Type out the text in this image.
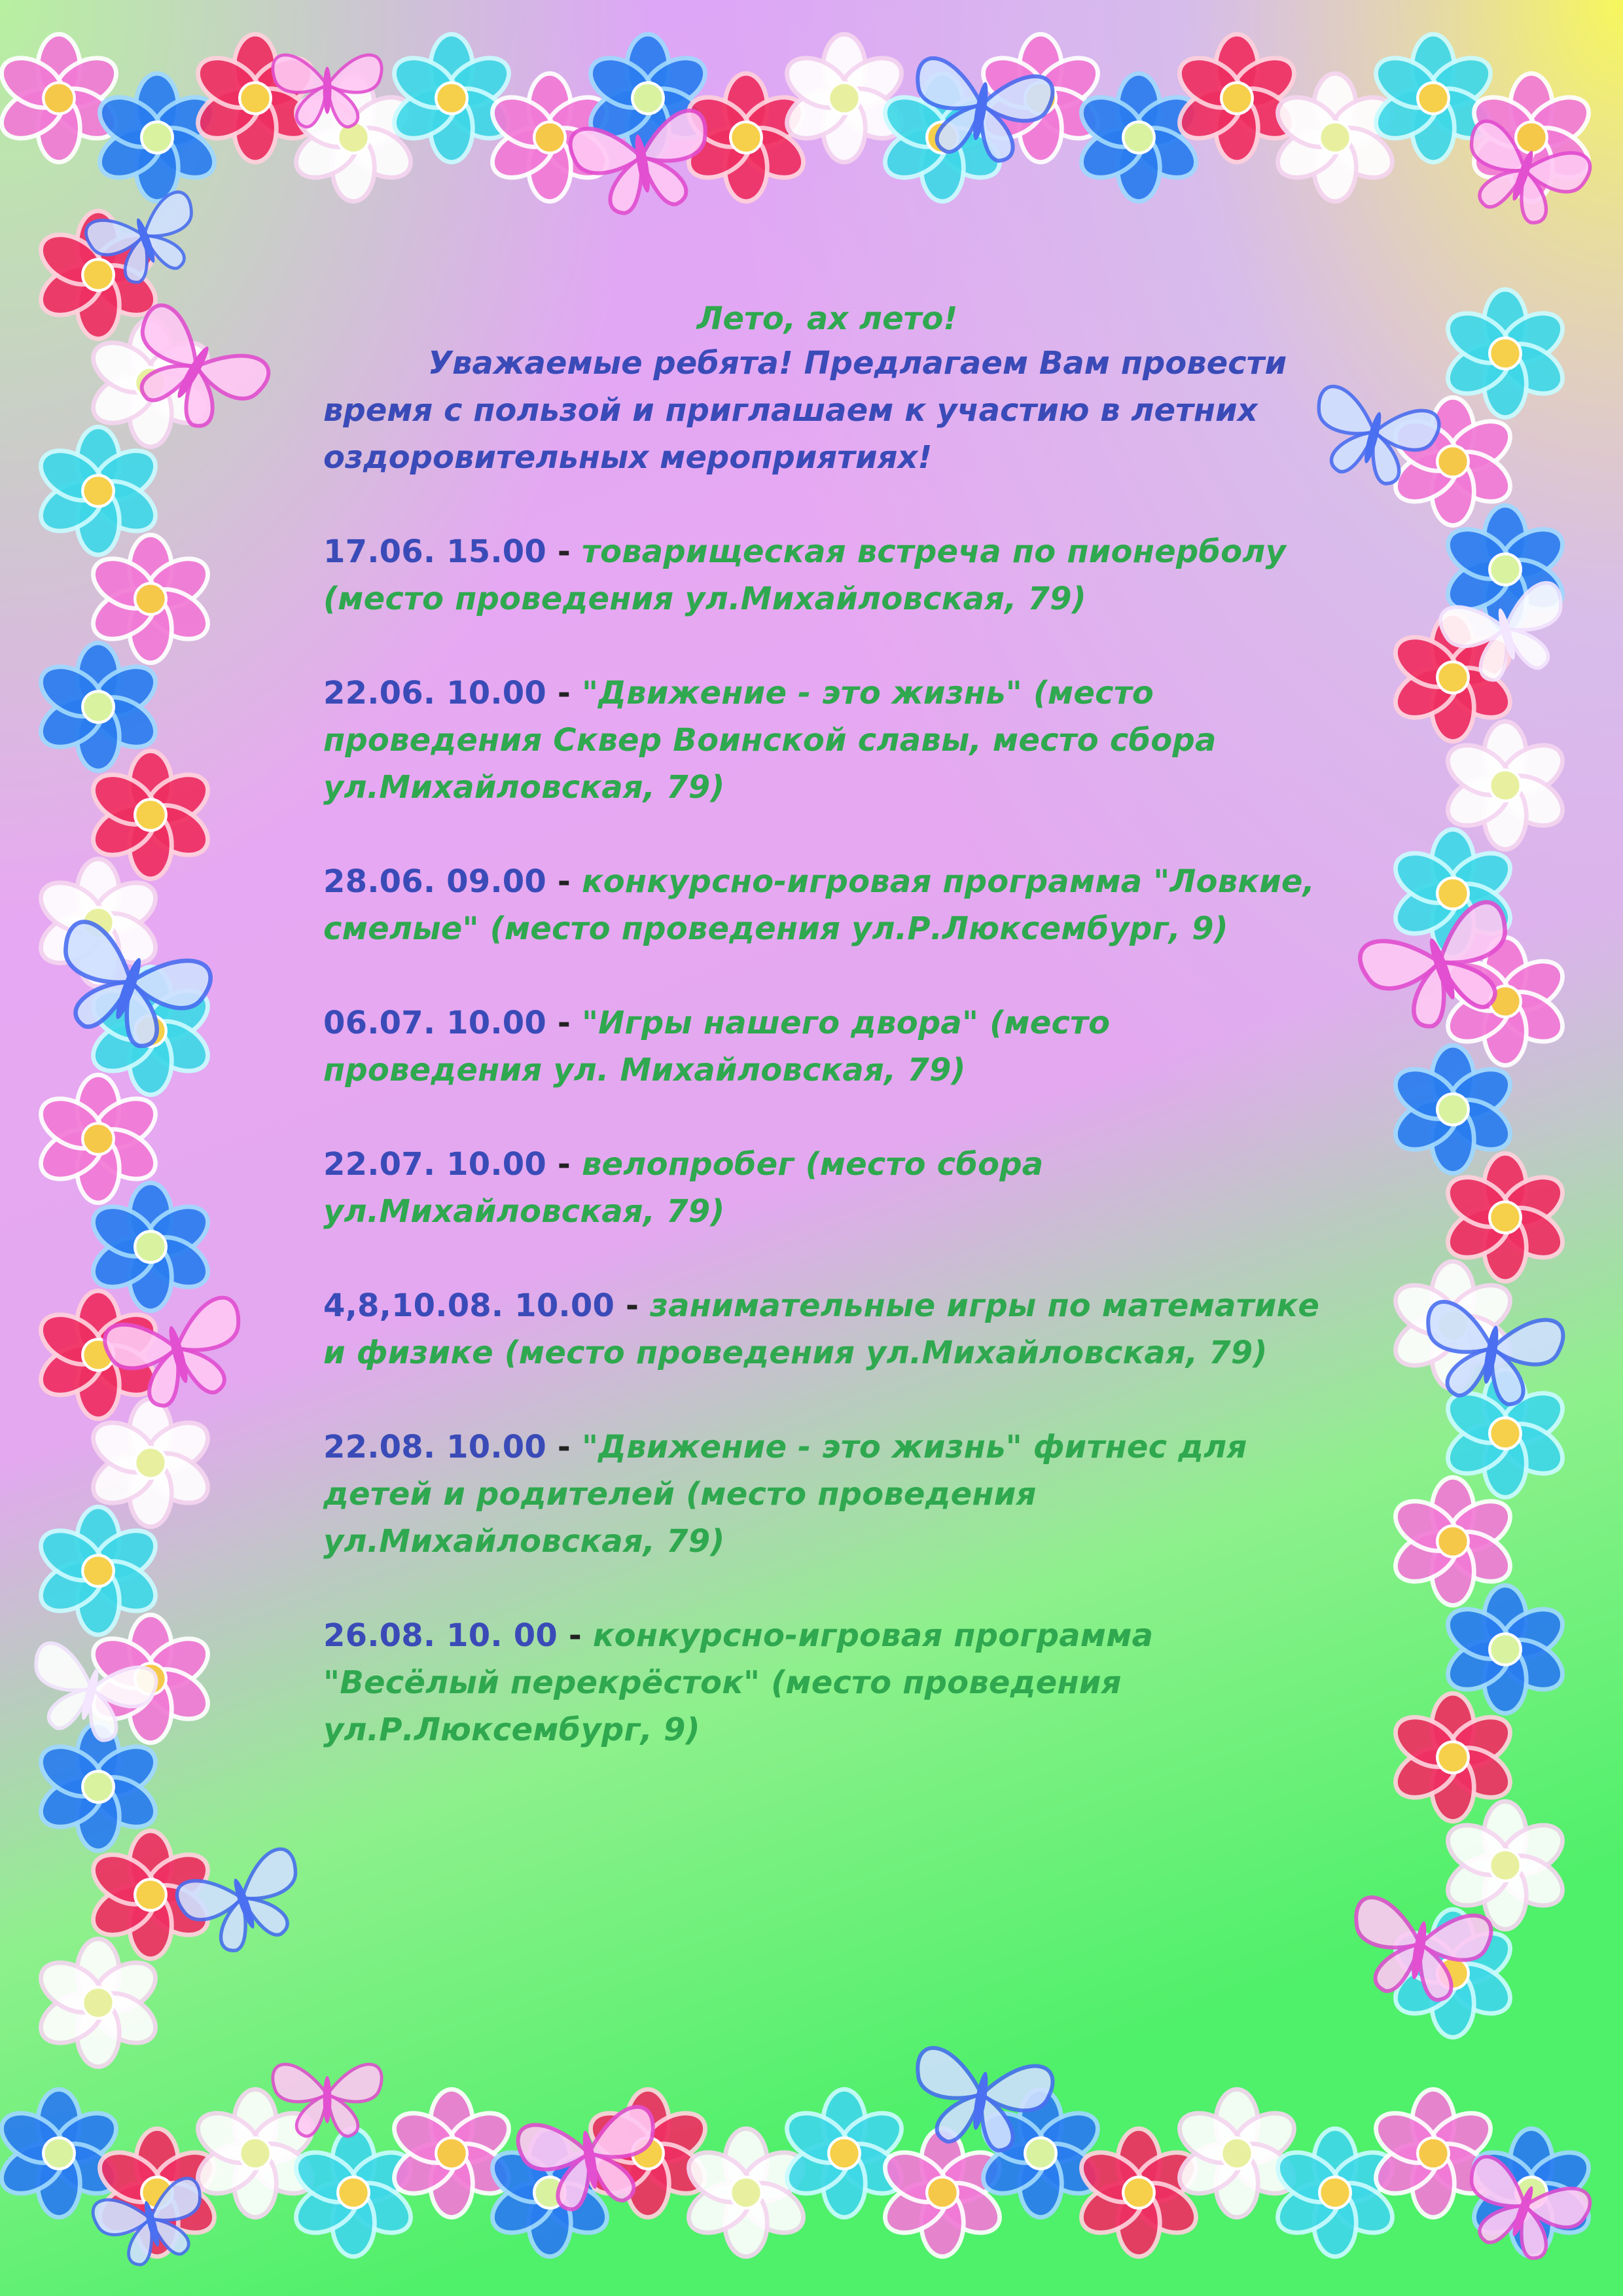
Лето, ах лето!

Уважаемые ребята! Предлагаем Вам провести время с пользой и приглашаем к участию в летних оздоровительных мероприятиях!

17.06. 15.00 - товарищеская встреча по пионерболу (место проведения ул.Михайловская, 79)

22.06. 10.00 - "Движение - это жизнь" (место проведения Сквер Воинской славы, место сбора ул.Михайловская, 79)

28.06. 09.00 - конкурсно-игровая программа "Ловкие, смелые" (место проведения ул.Р.Люксембург, 9)

06.07. 10.00 - "Игры нашего двора" (место проведения ул. Михайловская, 79)

22.07. 10.00 - велопробег (место сбора ул.Михайловская, 79)

4,8,10.08. 10.00 - занимательные игры по математике и физике (место проведения ул.Михайловская, 79)

22.08. 10.00 - "Движение - это жизнь" фитнес для детей и родителей (место проведения ул.Михайловская, 79)

26.08. 10. 00 - конкурсно-игровая программа "Весёлый перекрёсток" (место проведения ул.Р.Люксембург, 9)
